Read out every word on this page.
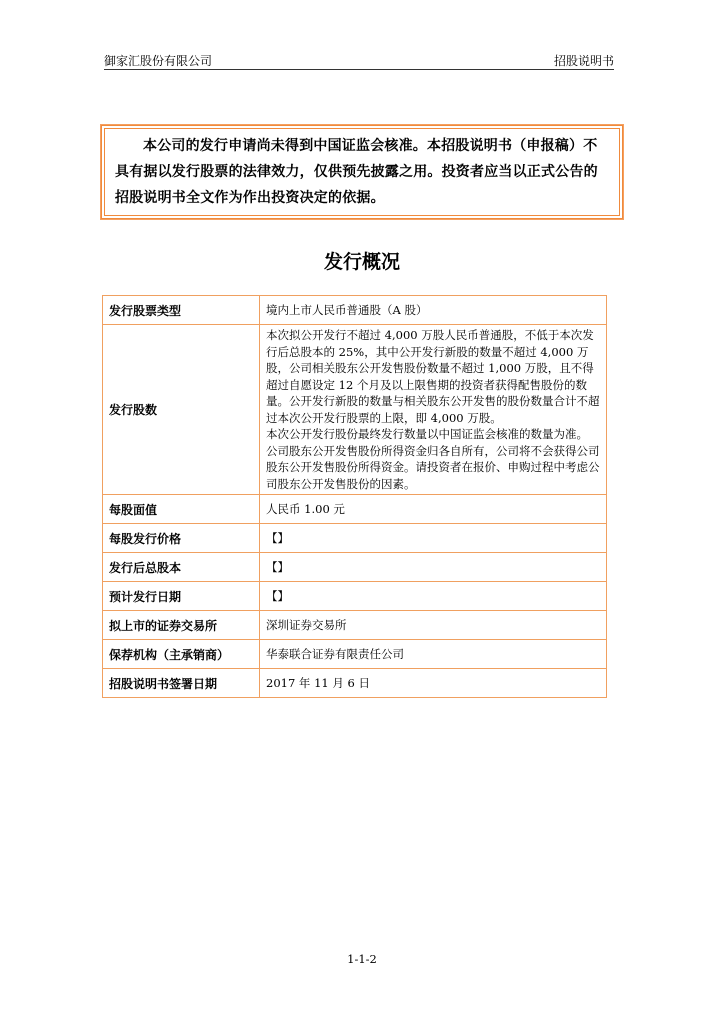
御家汇股份有限公司	招股说明书

本公司的发行申请尚未得到中国证监会核准。本招股说明书（申报稿）不具有据以发行股票的法律效力，仅供预先披露之用。投资者应当以正式公告的招股说明书全文作为作出投资决定的依据。

发行概况
发行股票类型	境内上市人民币普通股（A 股）
发行股数	本次拟公开发行不超过 4,000 万股人民币普通股，不低于本次发行后总股本的 25%，其中公开发行新股的数量不超过 4,000 万股，公司相关股东公开发售股份数量不超过 1,000 万股，且不得超过自愿设定 12 个月及以上限售期的投资者获得配售股份的数量。公开发行新股的数量与相关股东公开发售的股份数量合计不超过本次公开发行股票的上限，即 4,000 万股。
本次公开发行股份最终发行数量以中国证监会核准的数量为准。
公司股东公开发售股份所得资金归各自所有，公司将不会获得公司股东公开发售股份所得资金。请投资者在报价、申购过程中考虑公司股东公开发售股份的因素。

每股面值	人民币 1.00 元
每股发行价格	【】
发行后总股本	【】
预计发行日期	【】
拟上市的证券交易所	深圳证券交易所
保荐机构（主承销商）	华泰联合证券有限责任公司
招股说明书签署日期	2017 年 11 月 6 日
1-1-2
